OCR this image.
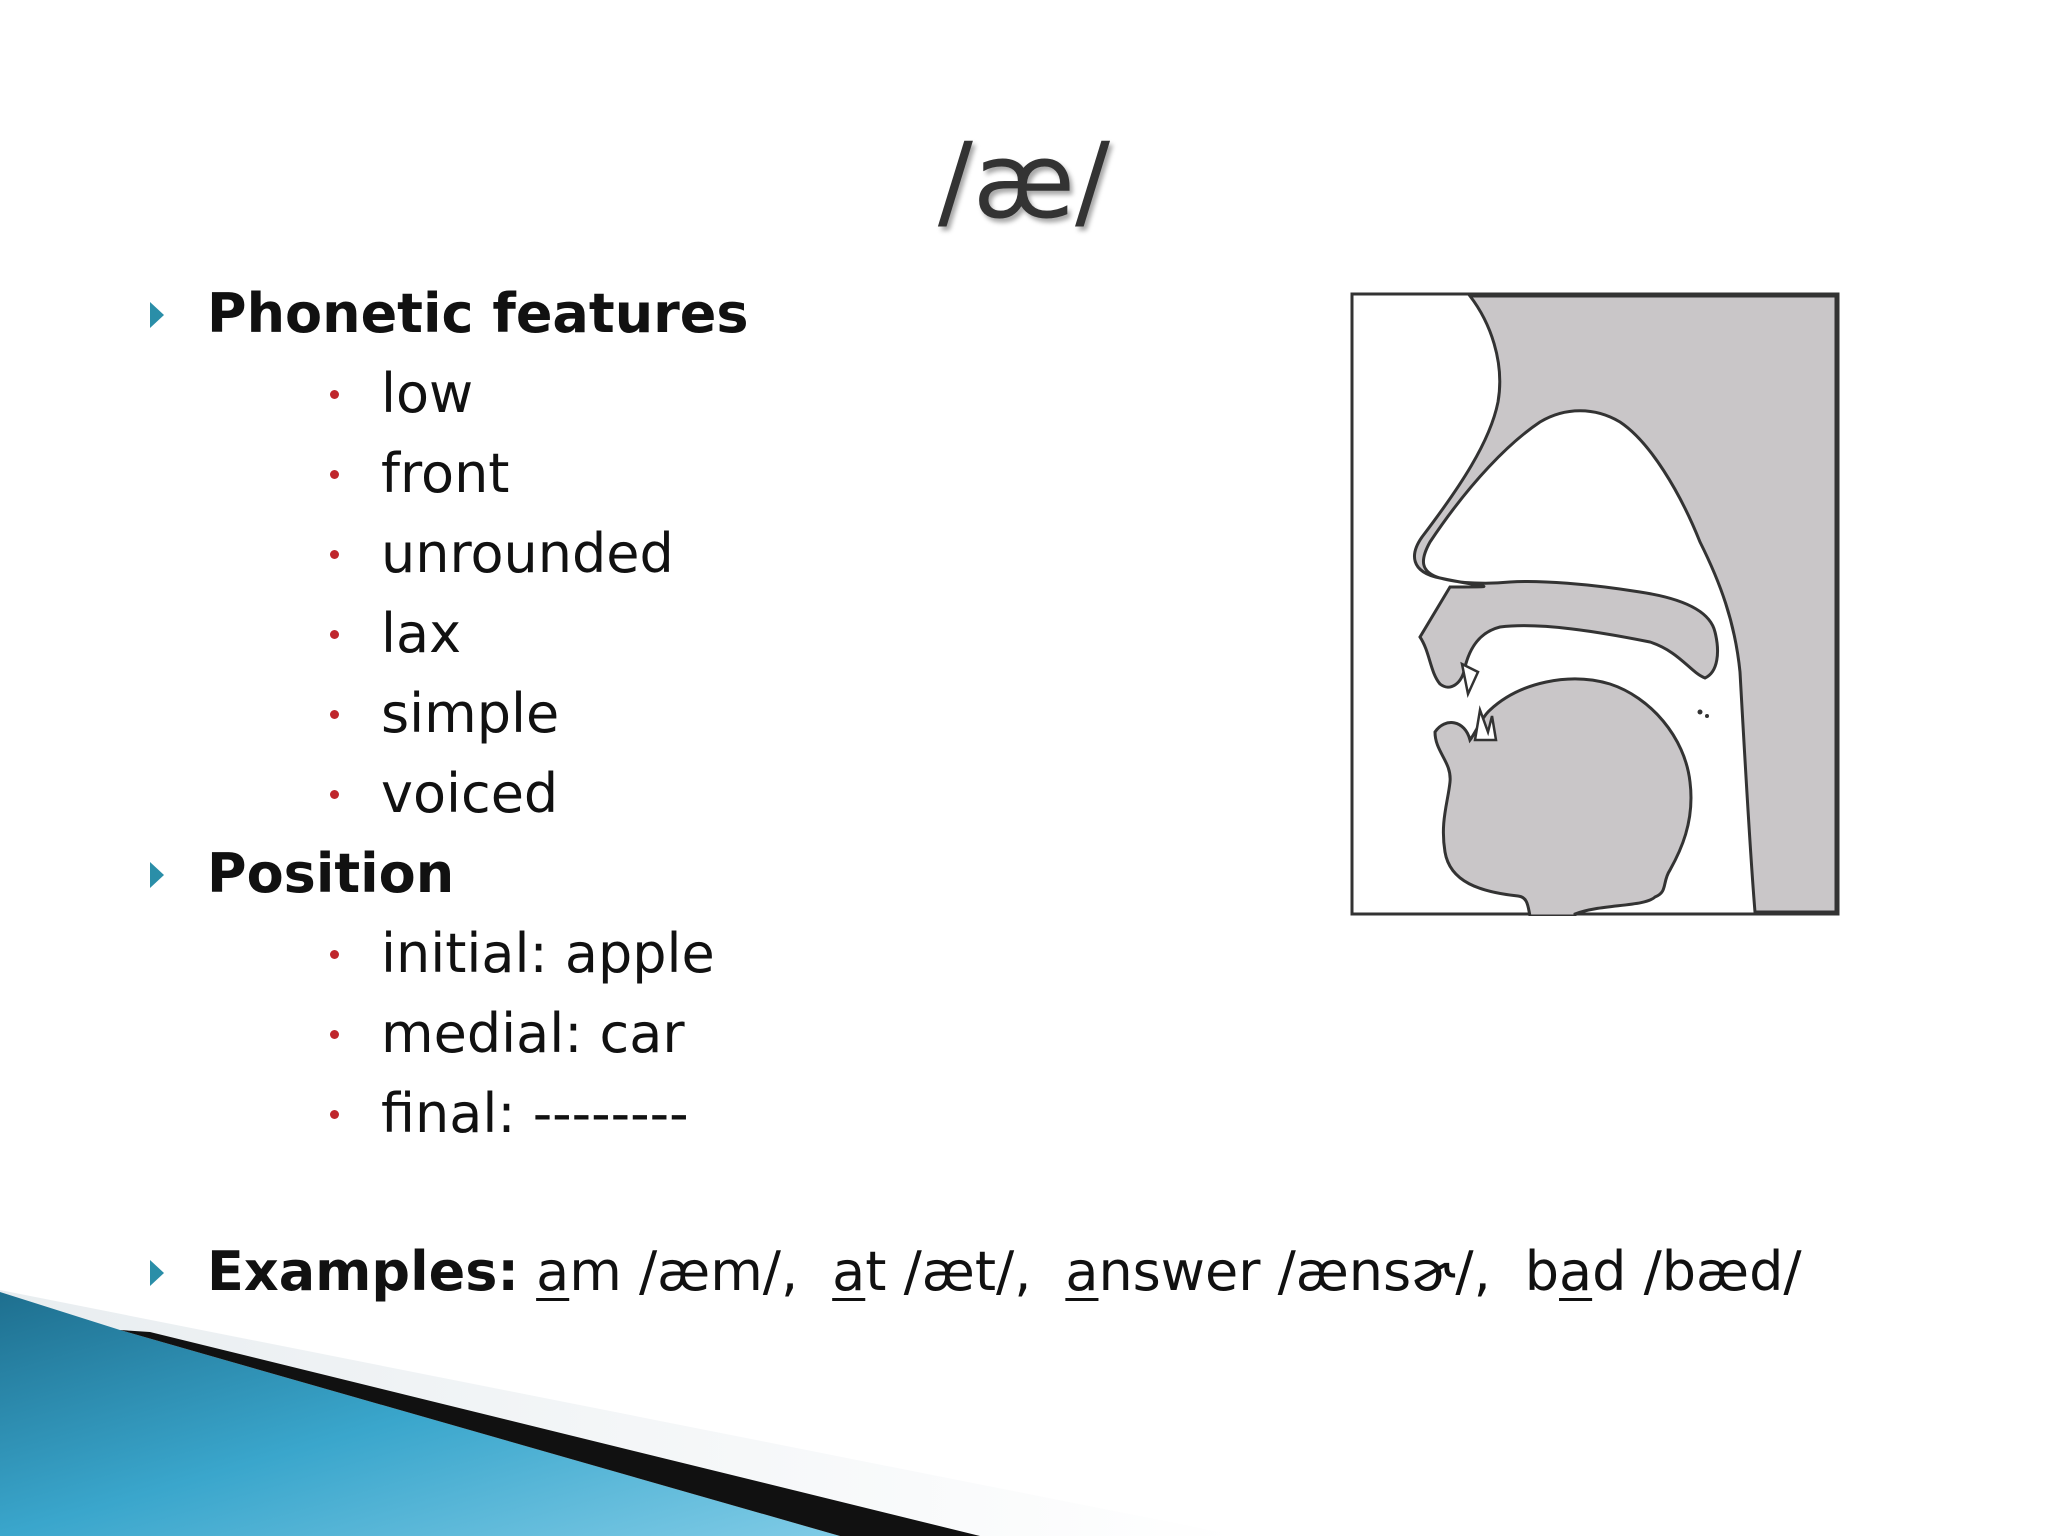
/æ/
Phonetic features
low
front
unrounded
lax
simple
voiced
Position
initial: apple
medial: car
final: --------
Examples: am /æm/, at /æt/, answer /ænsɚ/, bad /bæd/
